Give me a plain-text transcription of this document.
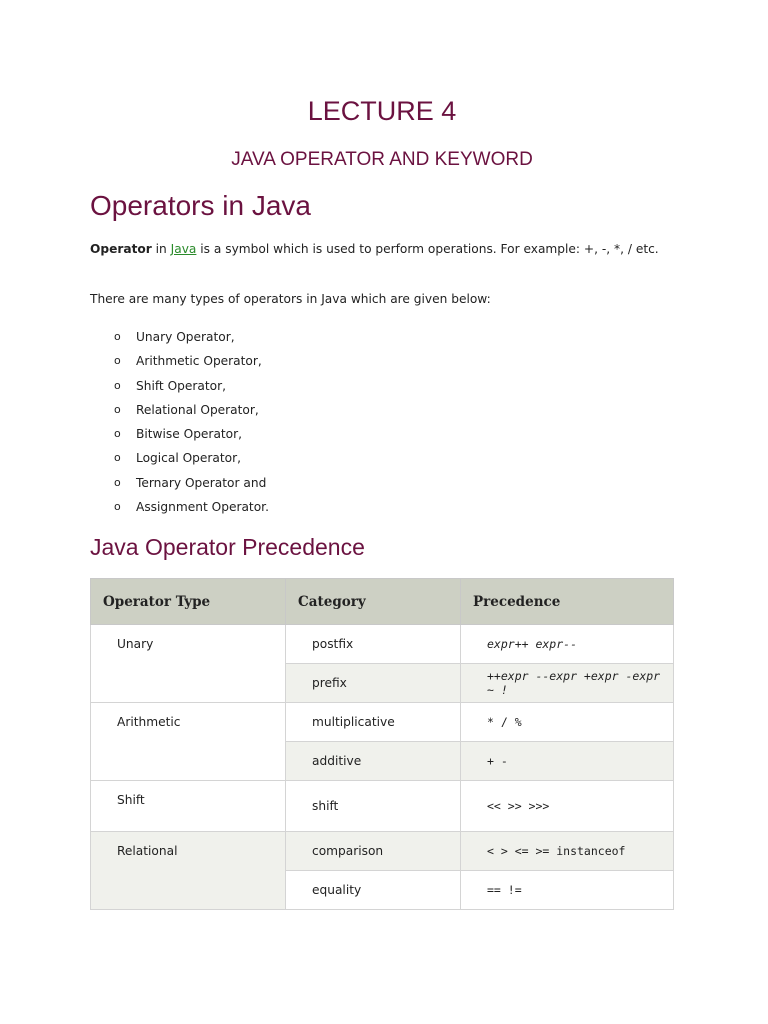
LECTURE 4
JAVA OPERATOR AND KEYWORD
Operators in Java

Operator in Java is a symbol which is used to perform operations. For example: +, -, *, / etc.

There are many types of operators in Java which are given below:

o Unary Operator,
o Arithmetic Operator,
o Shift Operator,
o Relational Operator,
o Bitwise Operator,
o Logical Operator,
o Ternary Operator and
o Assignment Operator.
Java Operator Precedence
Operator Type	Category	Precedence
Unary	postfix	expr++ expr--
	prefix	++expr --expr +expr -expr ~ !
Arithmetic	multiplicative	* / %
	additive	+ -
Shift	shift	<< >> >>>
Relational	comparison	< > <= >= instanceof
	equality	== !=
